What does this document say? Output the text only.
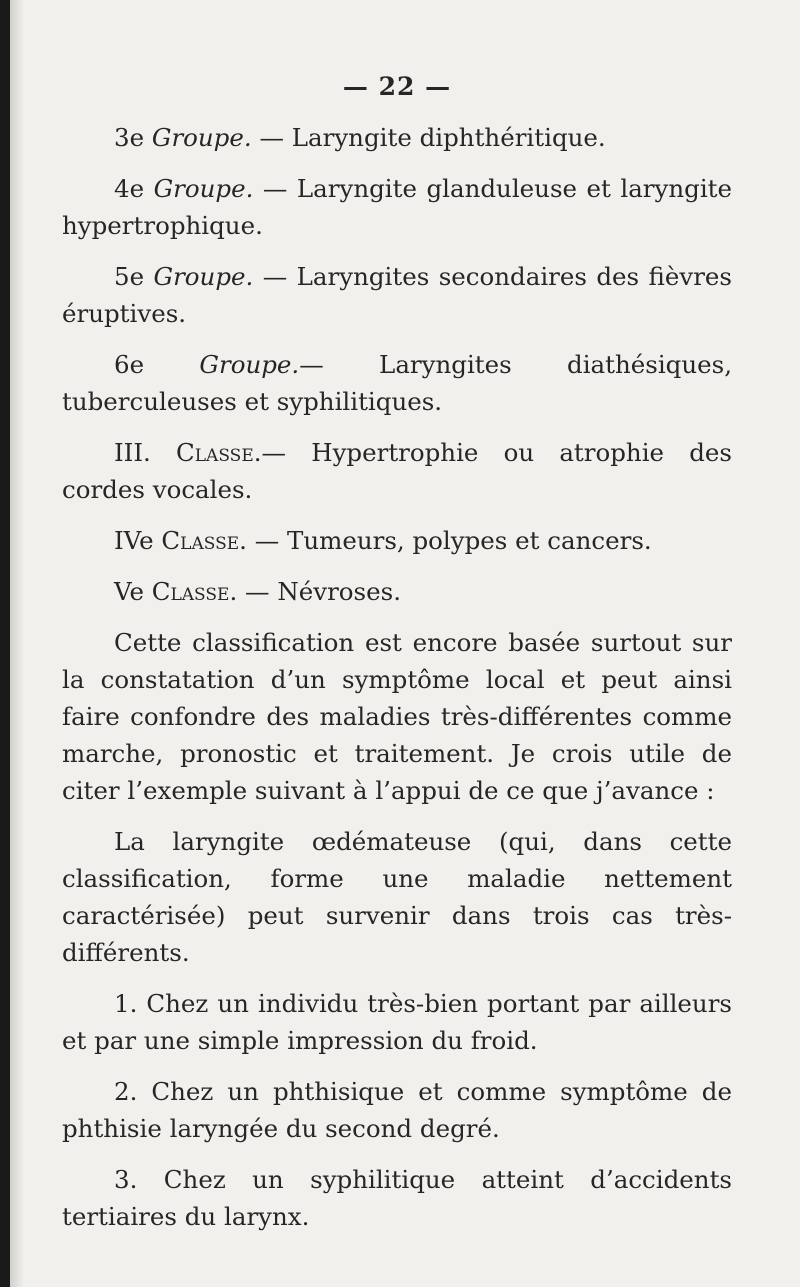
— 22 —

3e Groupe. — Laryngite diphthéritique.

4e Groupe. — Laryngite glanduleuse et laryngite hypertrophique.

5e Groupe. — Laryngites secondaires des fièvres éruptives.

6e Groupe.— Laryngites diathésiques, tuberculeuses et syphilitiques.

III. Classe.— Hypertrophie ou atrophie des cordes vocales.

IVe Classe. — Tumeurs, polypes et cancers.

Ve Classe. — Névroses.

Cette classification est encore basée surtout sur la constatation d’un symptôme local et peut ainsi faire confondre des maladies très-différentes comme marche, pronostic et traitement. Je crois utile de citer l’exemple suivant à l’appui de ce que j’avance :

La laryngite œdémateuse (qui, dans cette classification, forme une maladie nettement caractérisée) peut survenir dans trois cas très-différents.

1. Chez un individu très-bien portant par ailleurs et par une simple impression du froid.

2. Chez un phthisique et comme symptôme de phthisie laryngée du second degré.

3. Chez un syphilitique atteint d’accidents tertiaires du larynx.
